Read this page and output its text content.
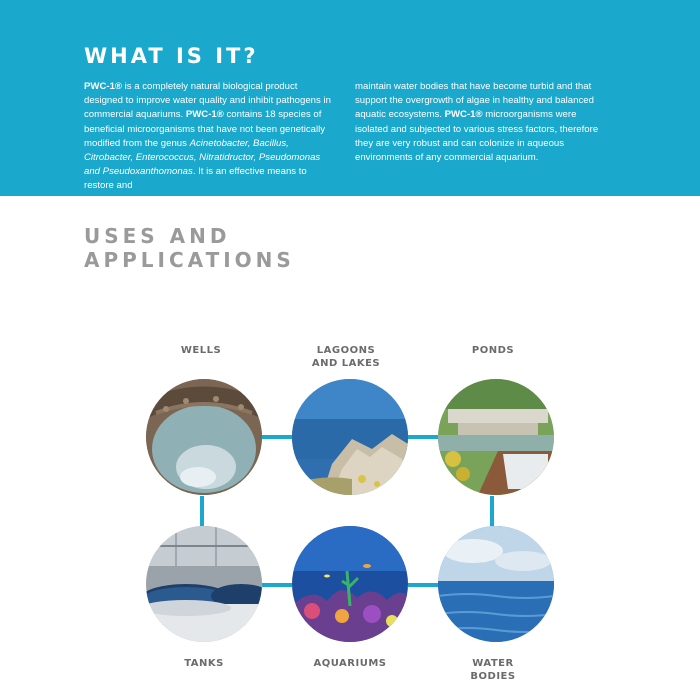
WHAT IS IT?

PWC-1® is a completely natural biological product designed to improve water quality and inhibit pathogens in commercial aquariums. PWC-1® contains 18 species of beneficial microorganisms that have not been genetically modified from the genus Acinetobacter, Bacillus, Citrobacter, Enterococcus, Nitratidructor, Pseudomonas and Pseudoxanthomonas. It is an effective means to restore and

maintain water bodies that have become turbid and that support the overgrowth of algae in healthy and balanced aquatic ecosystems. PWC-1® microorganisms were isolated and subjected to various stress factors, therefore they are very robust and can colonize in aqueous environments of any commercial aquarium.

USES AND
APPLICATIONS
WELLS	LAGOONS
AND LAKES
PONDS
TANKS	AQUARIUMS	WATER
BODIES
